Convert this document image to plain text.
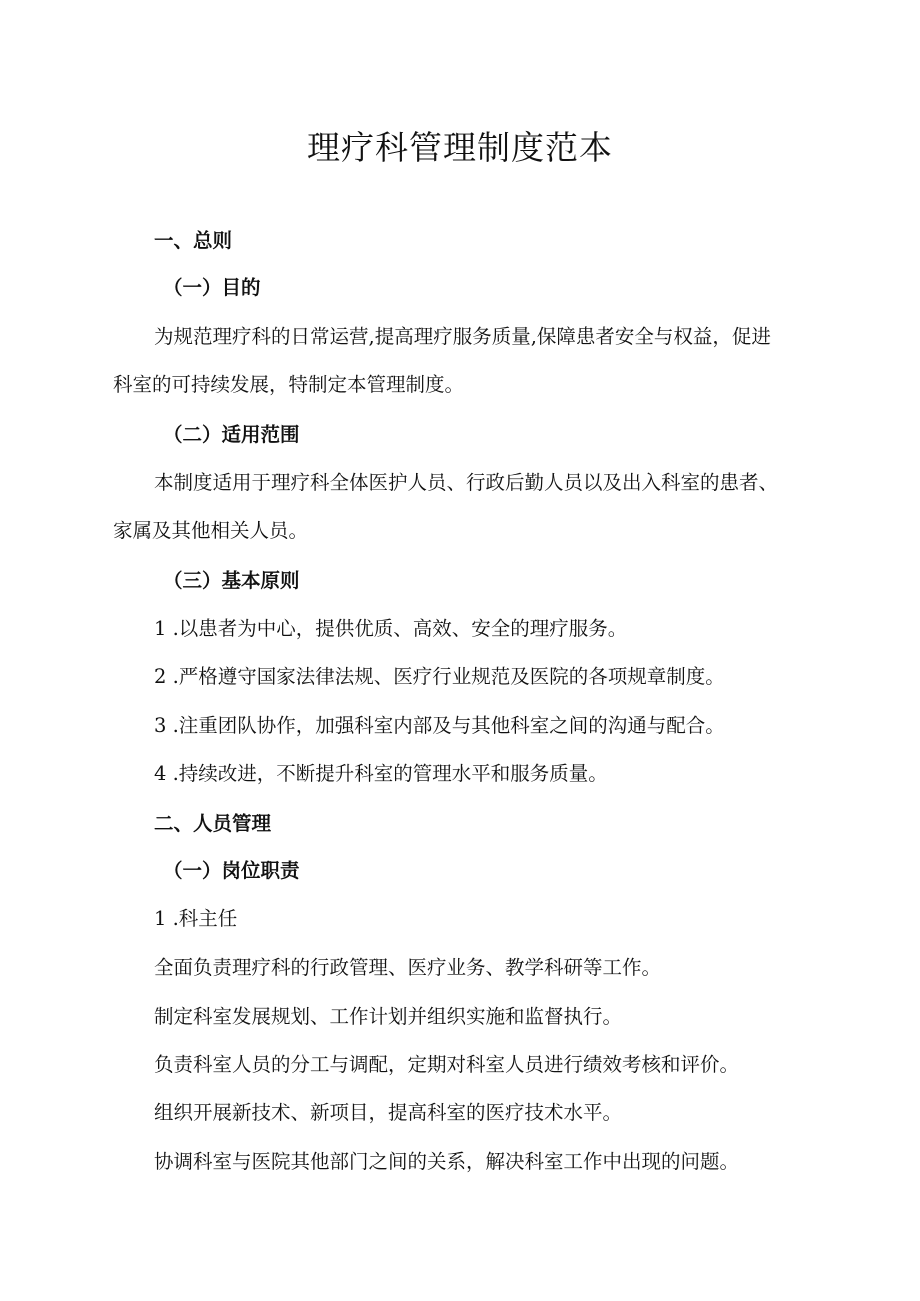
理疗科管理制度范本
一、总则
（一）目的
为规范理疗科的日常运营,提高理疗服务质量,保障患者安全与权益，促进
科室的可持续发展，特制定本管理制度。
（二）适用范围
本制度适用于理疗科全体医护人员、行政后勤人员以及出入科室的患者、
家属及其他相关人员。
（三）基本原则
1 .以患者为中心，提供优质、高效、安全的理疗服务。
2 .严格遵守国家法律法规、医疗行业规范及医院的各项规章制度。
3 .注重团队协作，加强科室内部及与其他科室之间的沟通与配合。
4 .持续改进，不断提升科室的管理水平和服务质量。
二、人员管理
（一）岗位职责
1 .科主任
全面负责理疗科的行政管理、医疗业务、教学科研等工作。
制定科室发展规划、工作计划并组织实施和监督执行。
负责科室人员的分工与调配，定期对科室人员进行绩效考核和评价。
组织开展新技术、新项目，提高科室的医疗技术水平。
协调科室与医院其他部门之间的关系，解决科室工作中出现的问题。
